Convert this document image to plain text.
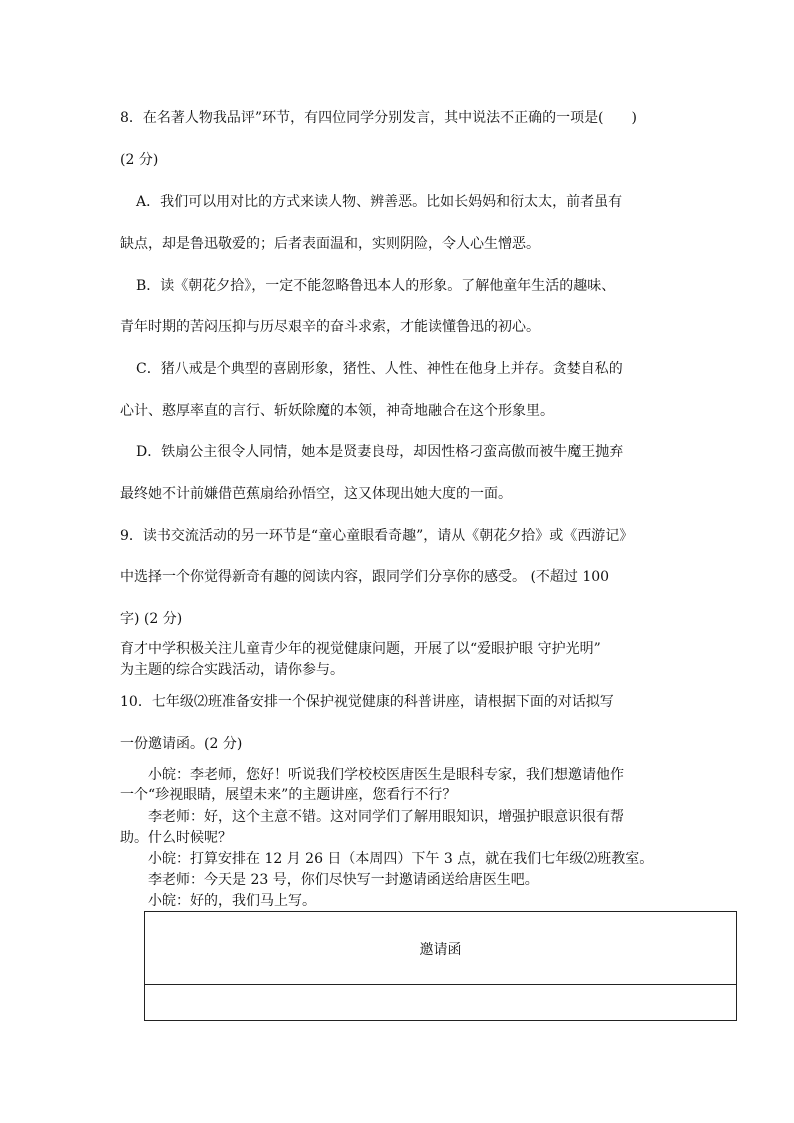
8．在名著人物我品评”环节，有四位同学分别发言，其中说法不正确的一项是(　　)
(2 分)
A．我们可以用对比的方式来读人物、辨善恶。比如长妈妈和衍太太，前者虽有
缺点，却是鲁迅敬爱的；后者表面温和，实则阴险，令人心生憎恶。
B．读《朝花夕拾》，一定不能忽略鲁迅本人的形象。了解他童年生活的趣味、
青年时期的苦闷压抑与历尽艰辛的奋斗求索，才能读懂鲁迅的初心。
C．猪八戒是个典型的喜剧形象，猪性、人性、神性在他身上并存。贪婪自私的
心计、憨厚率直的言行、斩妖除魔的本领，神奇地融合在这个形象里。
D．铁扇公主很令人同情，她本是贤妻良母，却因性格刁蛮高傲而被牛魔王抛弃
最终她不计前嫌借芭蕉扇给孙悟空，这又体现出她大度的一面。
9．读书交流活动的另一环节是“童心童眼看奇趣”，请从《朝花夕拾》或《西游记》
中选择一个你觉得新奇有趣的阅读内容，跟同学们分享你的感受。 (不超过 100
字) (2 分)
育才中学积极关注儿童青少年的视觉健康问题，开展了以“爱眼护眼 守护光明”
为主题的综合实践活动，请你参与。
10．七年级⑵班准备安排一个保护视觉健康的科普讲座，请根据下面的对话拟写
一份邀请函。(2 分)
小皖：李老师，您好！听说我们学校校医唐医生是眼科专家，我们想邀请他作
一个“珍视眼睛，展望未来”的主题讲座，您看行不行？
李老师：好，这个主意不错。这对同学们了解用眼知识，增强护眼意识很有帮
助。什么时候呢？
小皖：打算安排在 12 月 26 日（本周四）下午 3 点，就在我们七年级⑵班教室。
李老师：今天是 23 号，你们尽快写一封邀请函送给唐医生吧。
小皖：好的，我们马上写。
邀请函
